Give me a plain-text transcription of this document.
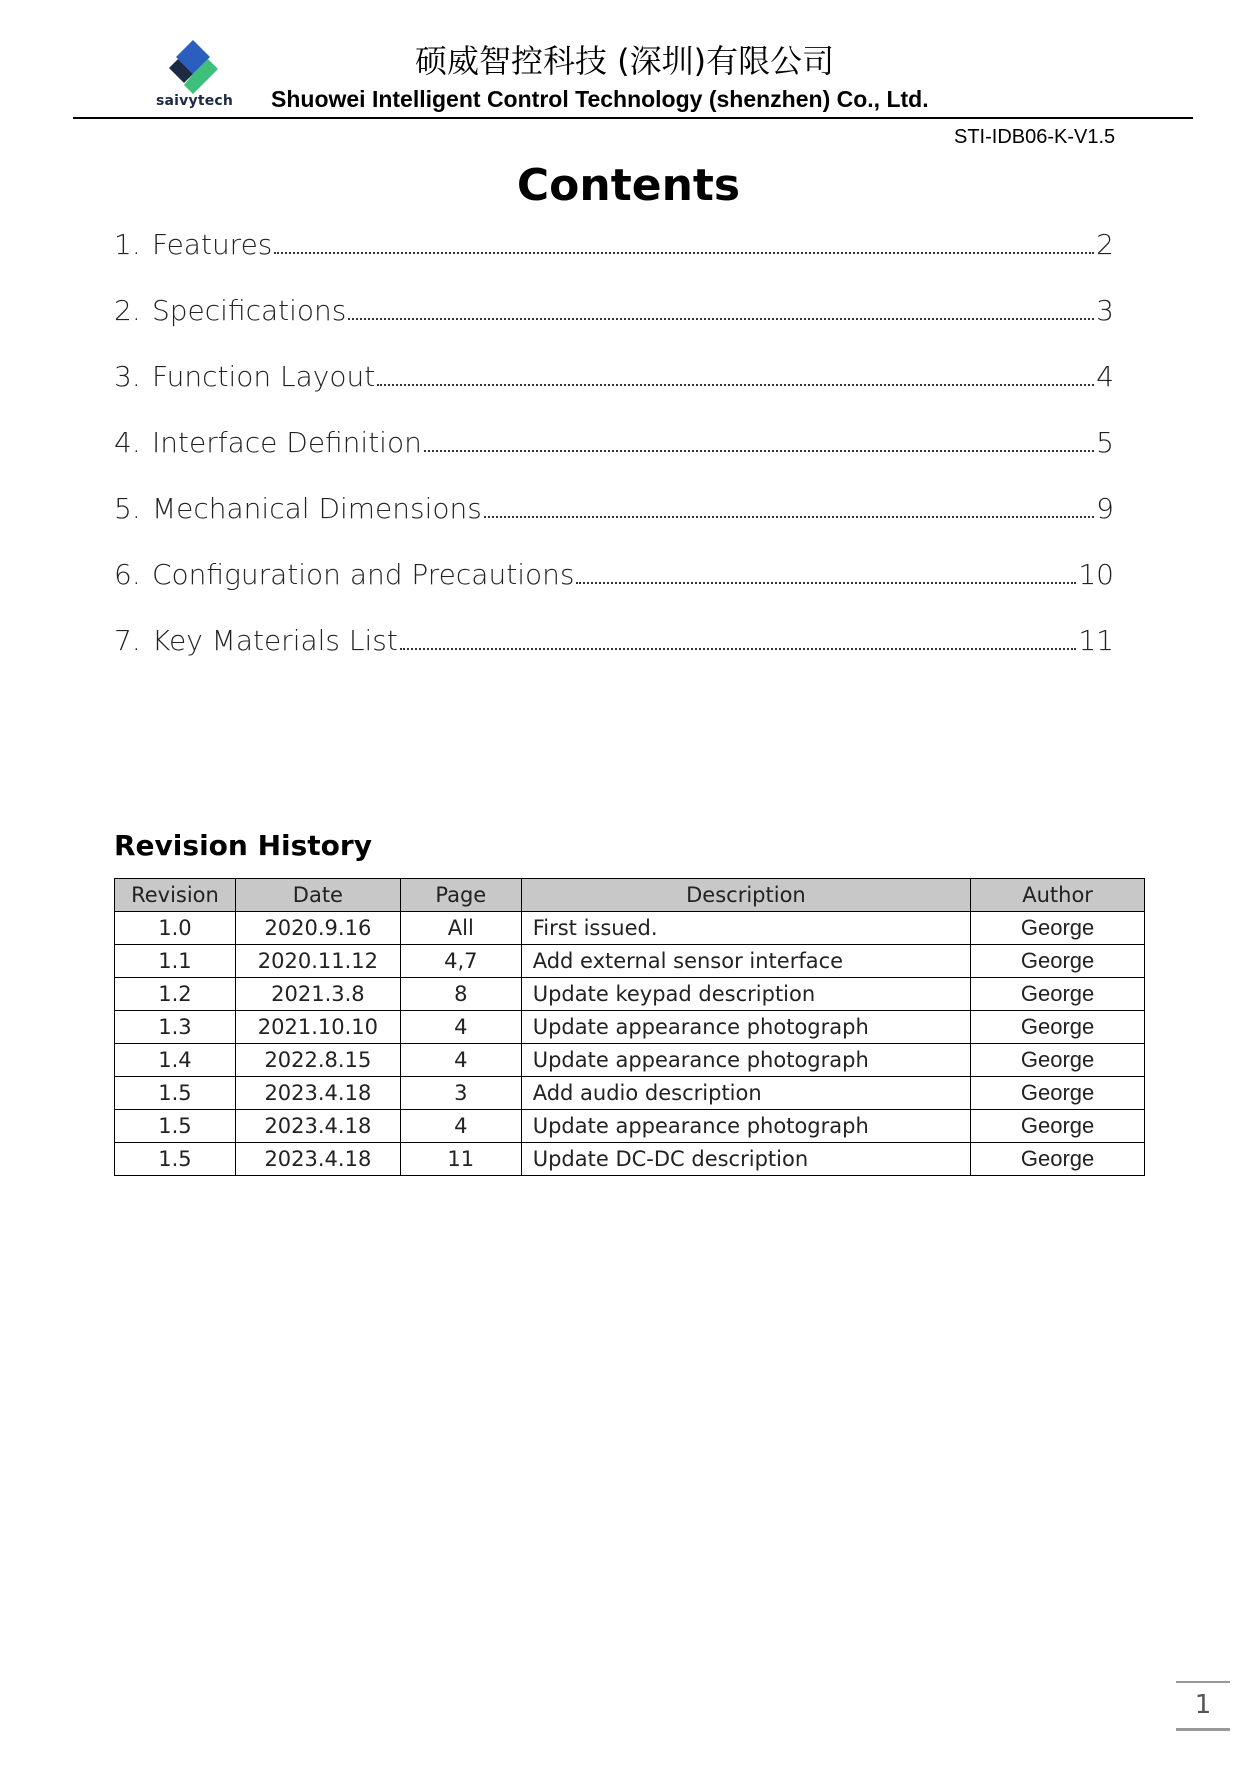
saivytech
硕威智控科技 (深圳)有限公司
Shuowei Intelligent Control Technology (shenzhen) Co., Ltd.
STI-IDB06-K-V1.5
Contents
1. Features	2
2. Specifications	3
3. Function Layout	4
4. Interface Definition	5
5. Mechanical Dimensions	9
6. Configuration and Precautions	10
7. Key Materials List	11
Revision History
Revision	Date	Page	Description	Author
1.0	2020.9.16	All	First issued.	George
1.1	2020.11.12	4,7	Add external sensor interface	George
1.2	2021.3.8	8	Update keypad description	George
1.3	2021.10.10	4	Update appearance photograph	George
1.4	2022.8.15	4	Update appearance photograph	George
1.5	2023.4.18	3	Add audio description	George
1.5	2023.4.18	4	Update appearance photograph	George
1.5	2023.4.18	11	Update DC-DC description	George
1
